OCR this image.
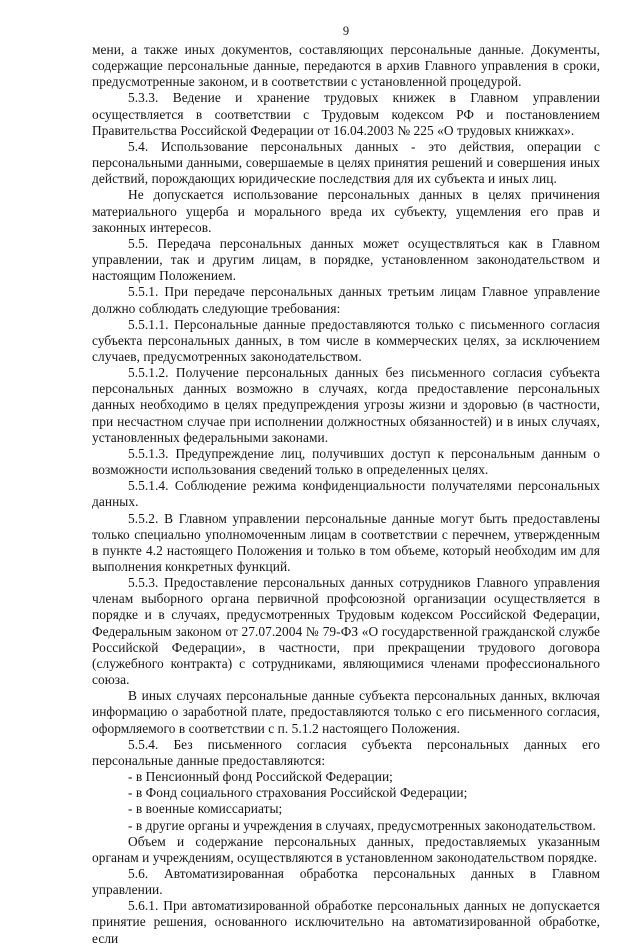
9

мени, а также иных документов, составляющих персональные данные. Документы, содержащие персональные данные, передаются в архив Главного управления в сроки, предусмотренные законом, и в соответствии с установленной процедурой.

5.3.3. Ведение и хранение трудовых книжек в Главном управлении осуществляется в соответствии с Трудовым кодексом РФ и постановлением Правительства Российской Федерации от 16.04.2003 № 225 «О трудовых книжках».

5.4. Использование персональных данных - это действия, операции с персональными данными, совершаемые в целях принятия решений и совершения иных действий, порождающих юридические последствия для их субъекта и иных лиц.

Не допускается использование персональных данных в целях причинения материального ущерба и морального вреда их субъекту, ущемления его прав и законных интересов.

5.5. Передача персональных данных может осуществляться как в Главном управлении, так и другим лицам, в порядке, установленном законодательством и настоящим Положением.

5.5.1. При передаче персональных данных третьим лицам Главное управление должно соблюдать следующие требования:

5.5.1.1. Персональные данные предоставляются только с письменного согласия субъекта персональных данных, в том числе в коммерческих целях, за исключением случаев, предусмотренных законодательством.

5.5.1.2. Получение персональных данных без письменного согласия субъекта персональных данных возможно в случаях, когда предоставление персональных данных необходимо в целях предупреждения угрозы жизни и здоровью (в частности, при несчастном случае при исполнении должностных обязанностей) и в иных случаях, установленных федеральными законами.

5.5.1.3. Предупреждение лиц, получивших доступ к персональным данным о возможности использования сведений только в определенных целях.

5.5.1.4. Соблюдение режима конфиденциальности получателями персональных данных.

5.5.2. В Главном управлении персональные данные могут быть предоставлены только специально уполномоченным лицам в соответствии с перечнем, утвержденным в пункте 4.2 настоящего Положения и только в том объеме, который необходим им для выполнения конкретных функций.

5.5.3. Предоставление персональных данных сотрудников Главного управления членам выборного органа первичной профсоюзной организации осуществляется в порядке и в случаях, предусмотренных Трудовым кодексом Российской Федерации, Федеральным законом от 27.07.2004 № 79-ФЗ «О государственной гражданской службе Российской Федерации», в частности, при прекращении трудового договора (служебного контракта) с сотрудниками, являющимися членами профессионального союза.

В иных случаях персональные данные субъекта персональных данных, включая информацию о заработной плате, предоставляются только с его письменного согласия, оформляемого в соответствии с п. 5.1.2 настоящего Положения.

5.5.4. Без письменного согласия субъекта персональных данных его персональные данные предоставляются:

- в Пенсионный фонд Российской Федерации;

- в Фонд социального страхования Российской Федерации;

- в военные комиссариаты;

- в другие органы и учреждения в случаях, предусмотренных законодательством.

Объем и содержание персональных данных, предоставляемых указанным органам и учреждениям, осуществляются в установленном законодательством порядке.

5.6. Автоматизированная обработка персональных данных в Главном управлении.

5.6.1. При автоматизированной обработке персональных данных не допускается принятие решения, основанного исключительно на автоматизированной обработке, если
